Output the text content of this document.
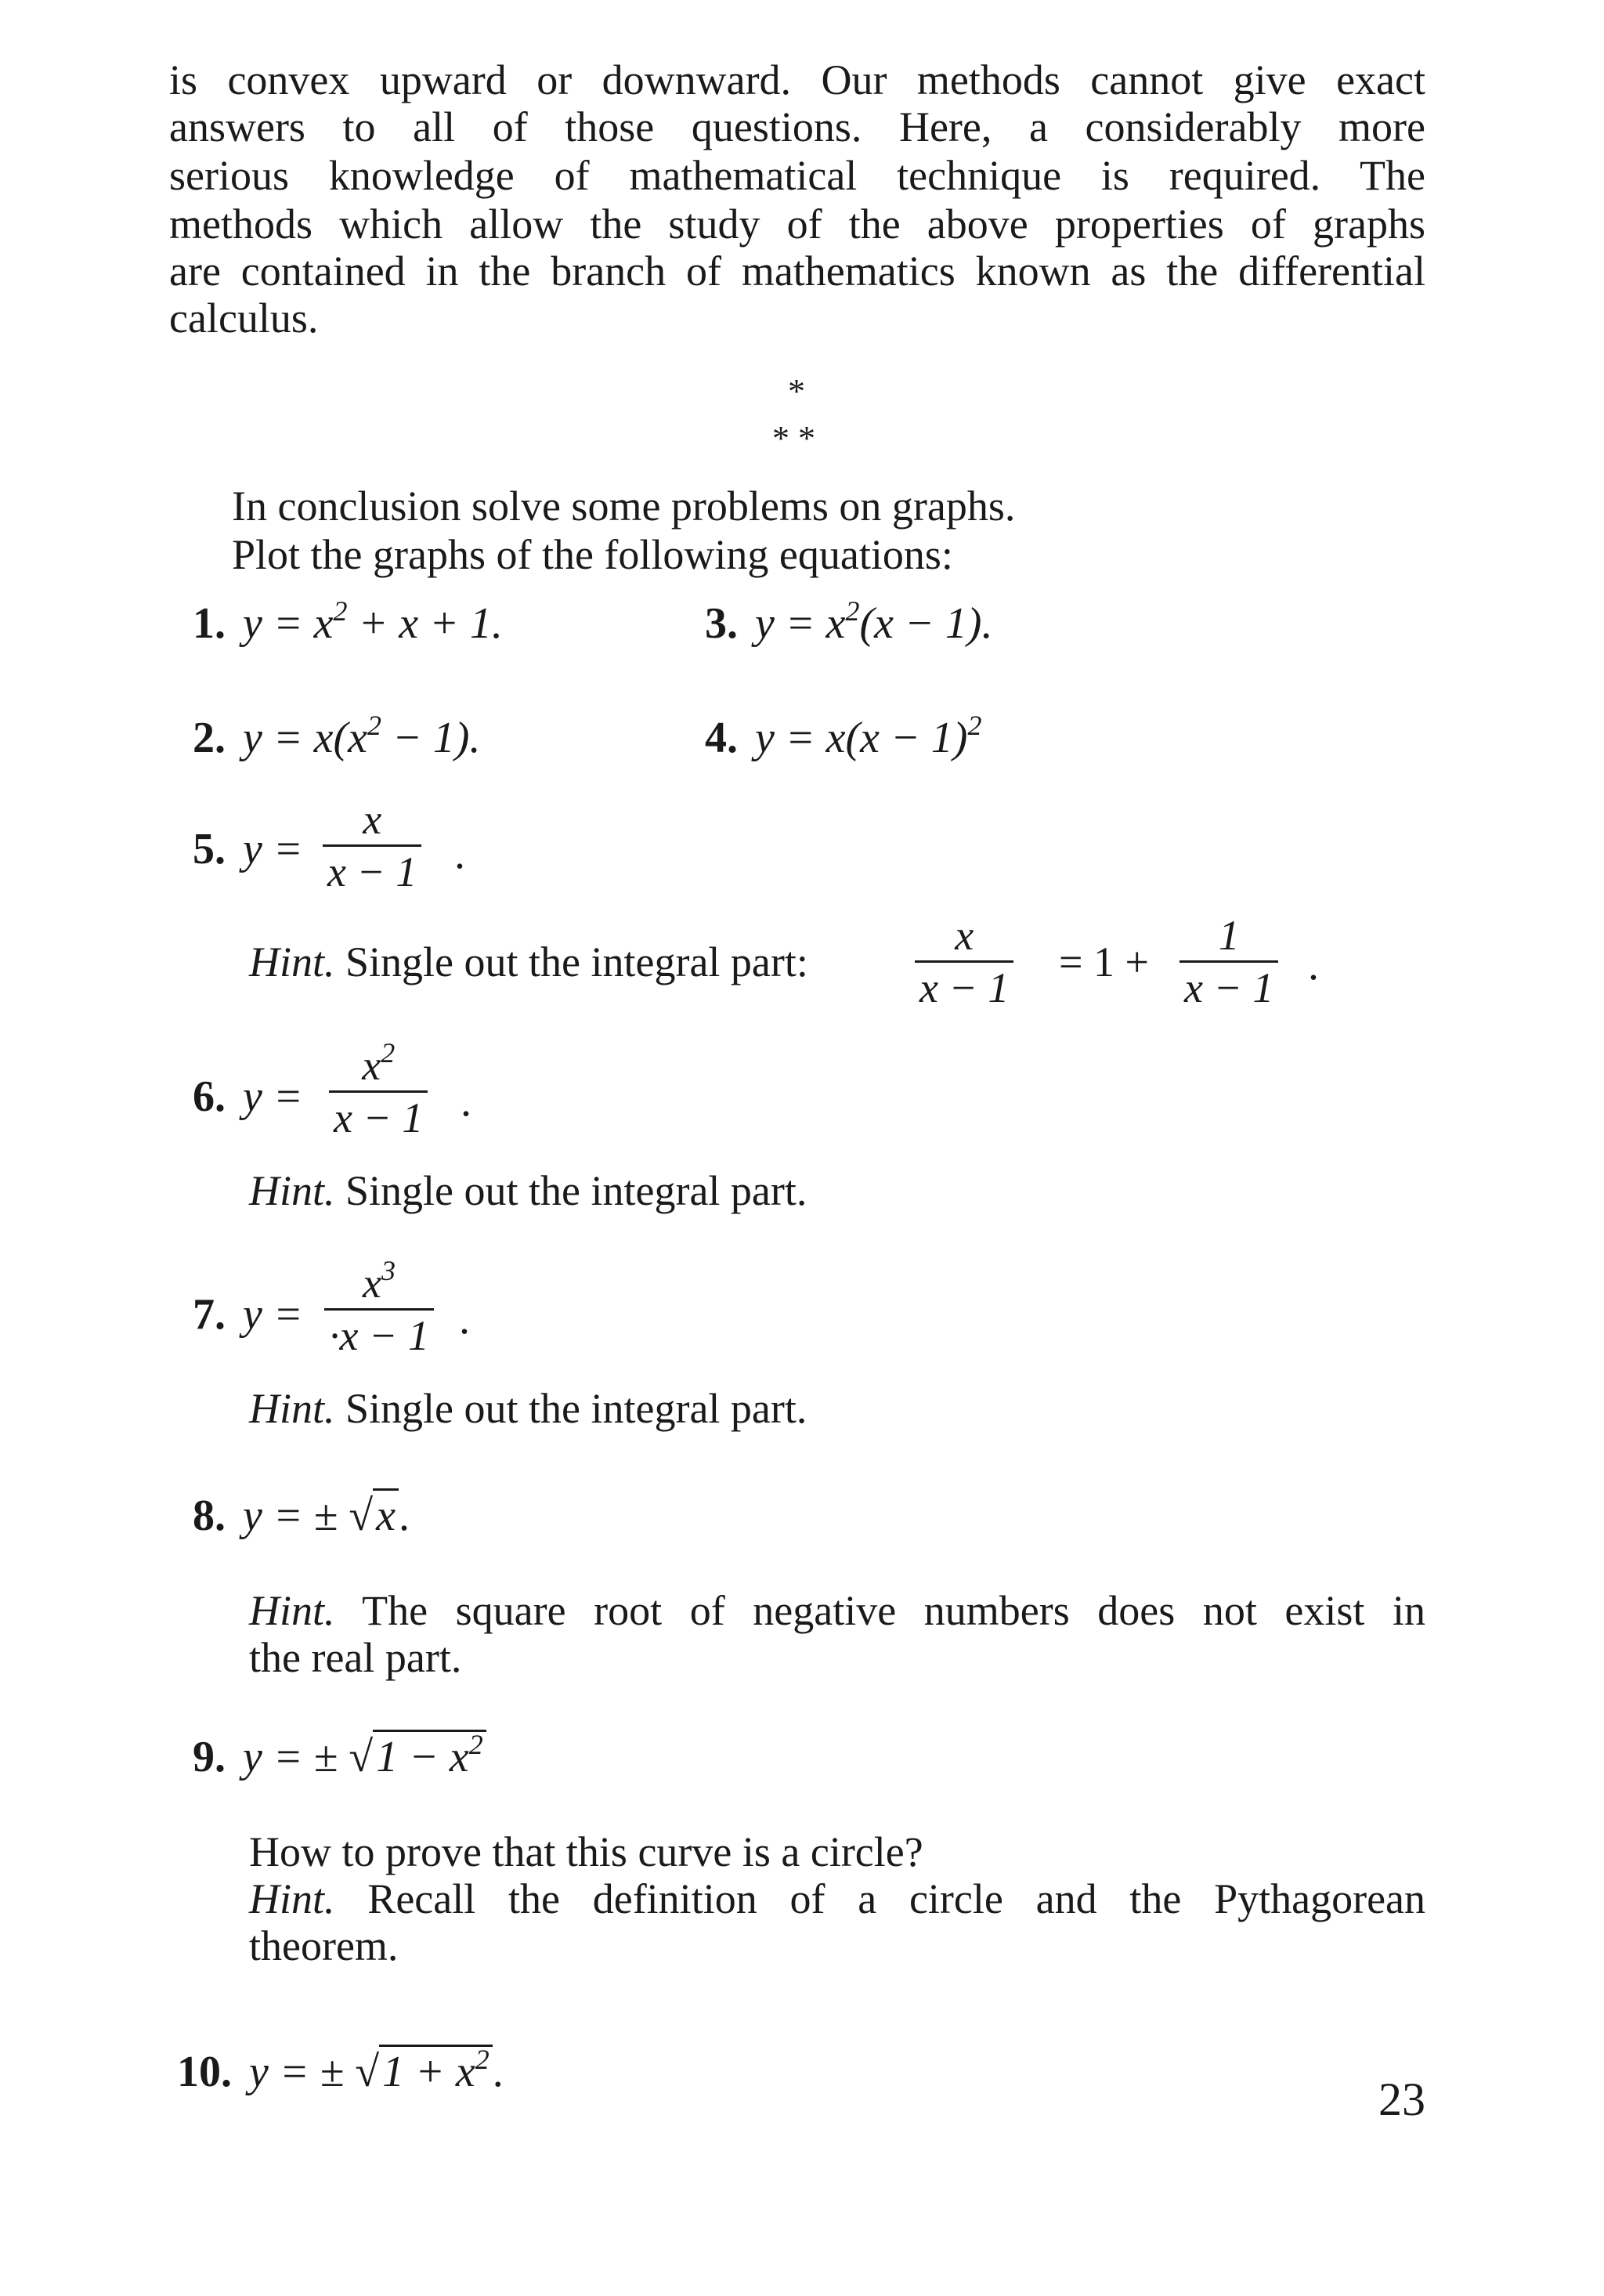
is convex upward or downward. Our methods cannot give exact
answers to all of those questions. Here, a considerably more
serious knowledge of mathematical technique is required. The
methods which allow the study of the above properties of graphs
are contained in the branch of mathematics known as the differential
calculus.
*
* *
In conclusion solve some problems on graphs.
Plot the graphs of the following equations:
1. $y = x^2 + x + 1$.	3. $y = x^2(x - 1)$.
2. $y = x(x^2 - 1)$.	4. $y = x(x - 1)^2$
5. y =
x
x − 1 .
Hint. Single out the integral part:
x
x − 1
= 1 +
1
x − 1 .
6. y =
$x^2$
x − 1 .
Hint. Single out the integral part.
7. y =
$x^3$
·x − 1 .
Hint. Single out the integral part.
8. y = ± √x.
Hint. The square root of negative numbers does not exist in
the real part.
9. y = ± $√1 - x^2$
How to prove that this curve is a circle?
Hint. Recall the definition of a circle and the Pythagorean
theorem.
10. y = ± $√1 + x^2$.
23
